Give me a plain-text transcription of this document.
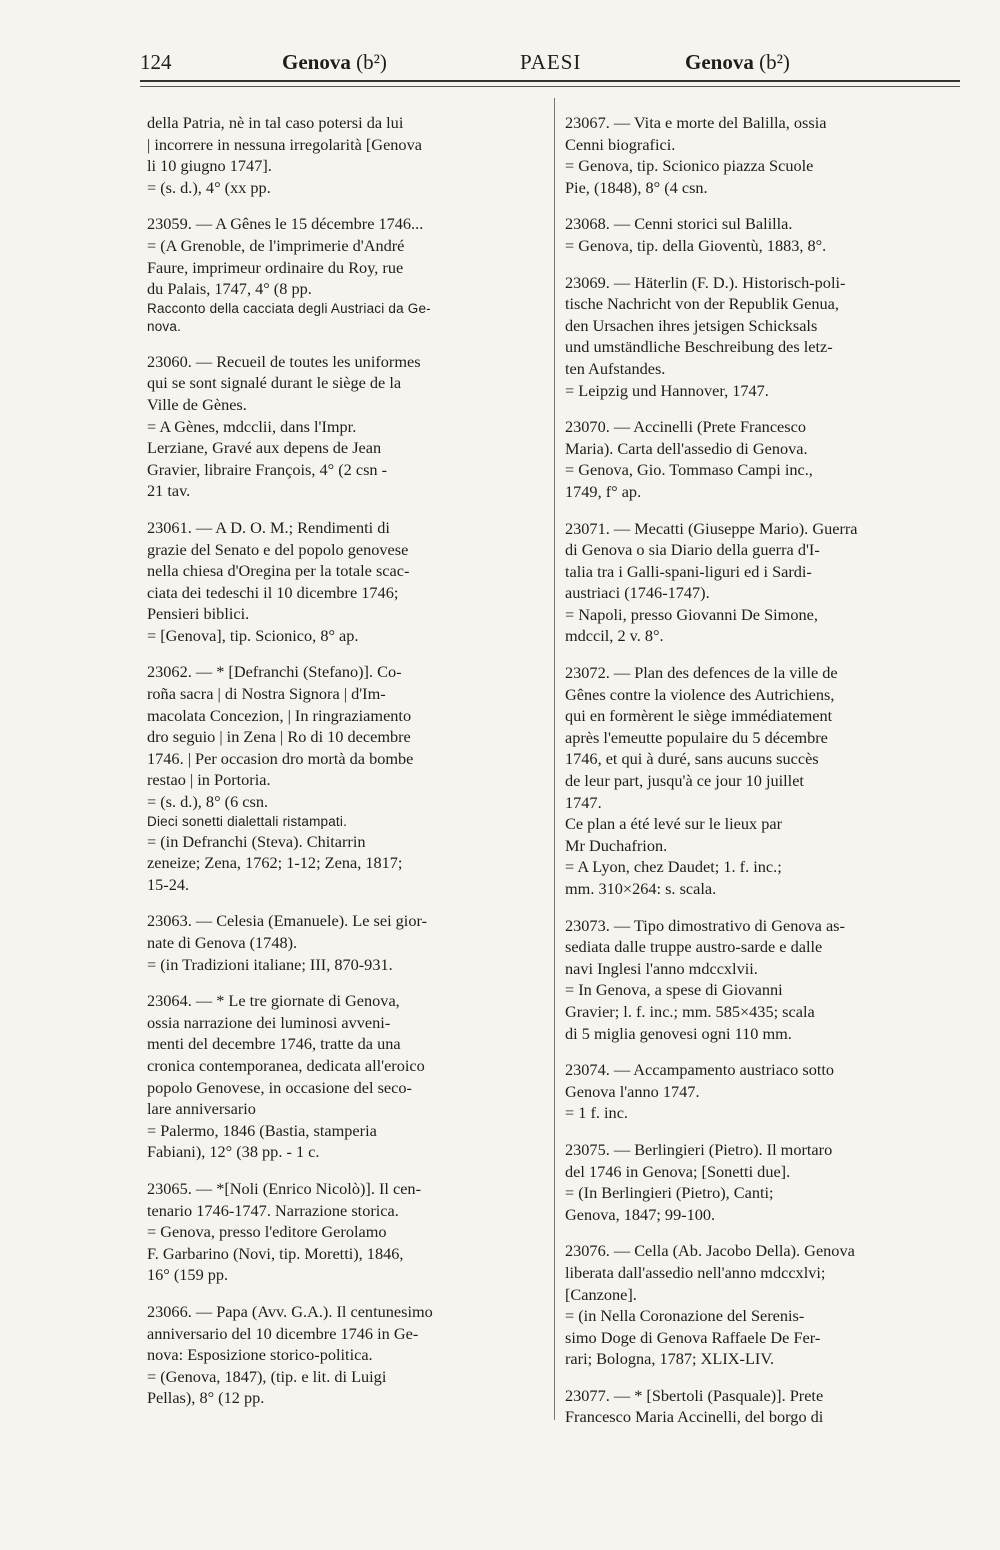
124	Genova (b²)	PAESI	Genova (b²)

della Patria, nè in tal caso potersi da lui

| incorrere in nessuna irregolarità [Genova

li 10 giugno 1747].

= (s. d.), 4° (xx pp.

23059. — A Gênes le 15 décembre 1746...

= (A Grenoble, de l'imprimerie d'André

Faure, imprimeur ordinaire du Roy, rue

du Palais, 1747, 4° (8 pp.

Racconto della cacciata degli Austriaci da Ge-

nova.

23060. — Recueil de toutes les uniformes

qui se sont signalé durant le siège de la

Ville de Gènes.

= A Gènes, mdcclii, dans l'Impr.

Lerziane, Gravé aux depens de Jean

Gravier, libraire François, 4° (2 csn -

21 tav.

23061. — A D. O. M.; Rendimenti di

grazie del Senato e del popolo genovese

nella chiesa d'Oregina per la totale scac-

ciata dei tedeschi il 10 dicembre 1746;

Pensieri biblici.

= [Genova], tip. Scionico, 8° ap.

23062. — * [Defranchi (Stefano)]. Co-

roña sacra | di Nostra Signora | d'Im-

macolata Concezion, | In ringraziamento

dro seguio | in Zena | Ro di 10 decembre

1746. | Per occasion dro mortà da bombe

restao | in Portoria.

= (s. d.), 8° (6 csn.

Dieci sonetti dialettali ristampati.

= (in Defranchi (Steva). Chitarrin

zeneize; Zena, 1762; 1-12; Zena, 1817;

15-24.

23063. — Celesia (Emanuele). Le sei gior-

nate di Genova (1748).

= (in Tradizioni italiane; III, 870-931.

23064. — * Le tre giornate di Genova,

ossia narrazione dei luminosi avveni-

menti del decembre 1746, tratte da una

cronica contemporanea, dedicata all'eroico

popolo Genovese, in occasione del seco-

lare anniversario

= Palermo, 1846 (Bastia, stamperia

Fabiani), 12° (38 pp. - 1 c.

23065. — *[Noli (Enrico Nicolò)]. Il cen-

tenario 1746-1747. Narrazione storica.

= Genova, presso l'editore Gerolamo

F. Garbarino (Novi, tip. Moretti), 1846,

16° (159 pp.

23066. — Papa (Avv. G.A.). Il centunesimo

anniversario del 10 dicembre 1746 in Ge-

nova: Esposizione storico-politica.

= (Genova, 1847), (tip. e lit. di Luigi

Pellas), 8° (12 pp.

23067. — Vita e morte del Balilla, ossia

Cenni biografici.

= Genova, tip. Scionico piazza Scuole

Pie, (1848), 8° (4 csn.

23068. — Cenni storici sul Balilla.

= Genova, tip. della Gioventù, 1883, 8°.

23069. — Häterlin (F. D.). Historisch-poli-

tische Nachricht von der Republik Genua,

den Ursachen ihres jetsigen Schicksals

und umständliche Beschreibung des letz-

ten Aufstandes.

= Leipzig und Hannover, 1747.

23070. — Accinelli (Prete Francesco

Maria). Carta dell'assedio di Genova.

= Genova, Gio. Tommaso Campi inc.,

1749, f° ap.

23071. — Mecatti (Giuseppe Mario). Guerra

di Genova o sia Diario della guerra d'I-

talia tra i Galli-spani-liguri ed i Sardi-

austriaci (1746-1747).

= Napoli, presso Giovanni De Simone,

mdccil, 2 v. 8°.

23072. — Plan des defences de la ville de

Gênes contre la violence des Autrichiens,

qui en formèrent le siège immédiatement

après l'emeutte populaire du 5 décembre

1746, et qui à duré, sans aucuns succès

de leur part, jusqu'à ce jour 10 juillet

1747.

Ce plan a été levé sur le lieux par

Mr Duchafrion.

= A Lyon, chez Daudet; 1. f. inc.;

mm. 310×264: s. scala.

23073. — Tipo dimostrativo di Genova as-

sediata dalle truppe austro-sarde e dalle

navi Inglesi l'anno mdccxlvii.

= In Genova, a spese di Giovanni

Gravier; l. f. inc.; mm. 585×435; scala

di 5 miglia genovesi ogni 110 mm.

23074. — Accampamento austriaco sotto

Genova l'anno 1747.

= 1 f. inc.

23075. — Berlingieri (Pietro). Il mortaro

del 1746 in Genova; [Sonetti due].

= (In Berlingieri (Pietro), Canti;

Genova, 1847; 99-100.

23076. — Cella (Ab. Jacobo Della). Genova

liberata dall'assedio nell'anno mdccxlvi;

[Canzone].

= (in Nella Coronazione del Serenis-

simo Doge di Genova Raffaele De Fer-

rari; Bologna, 1787; XLIX-LIV.

23077. — * [Sbertoli (Pasquale)]. Prete

Francesco Maria Accinelli, del borgo di
